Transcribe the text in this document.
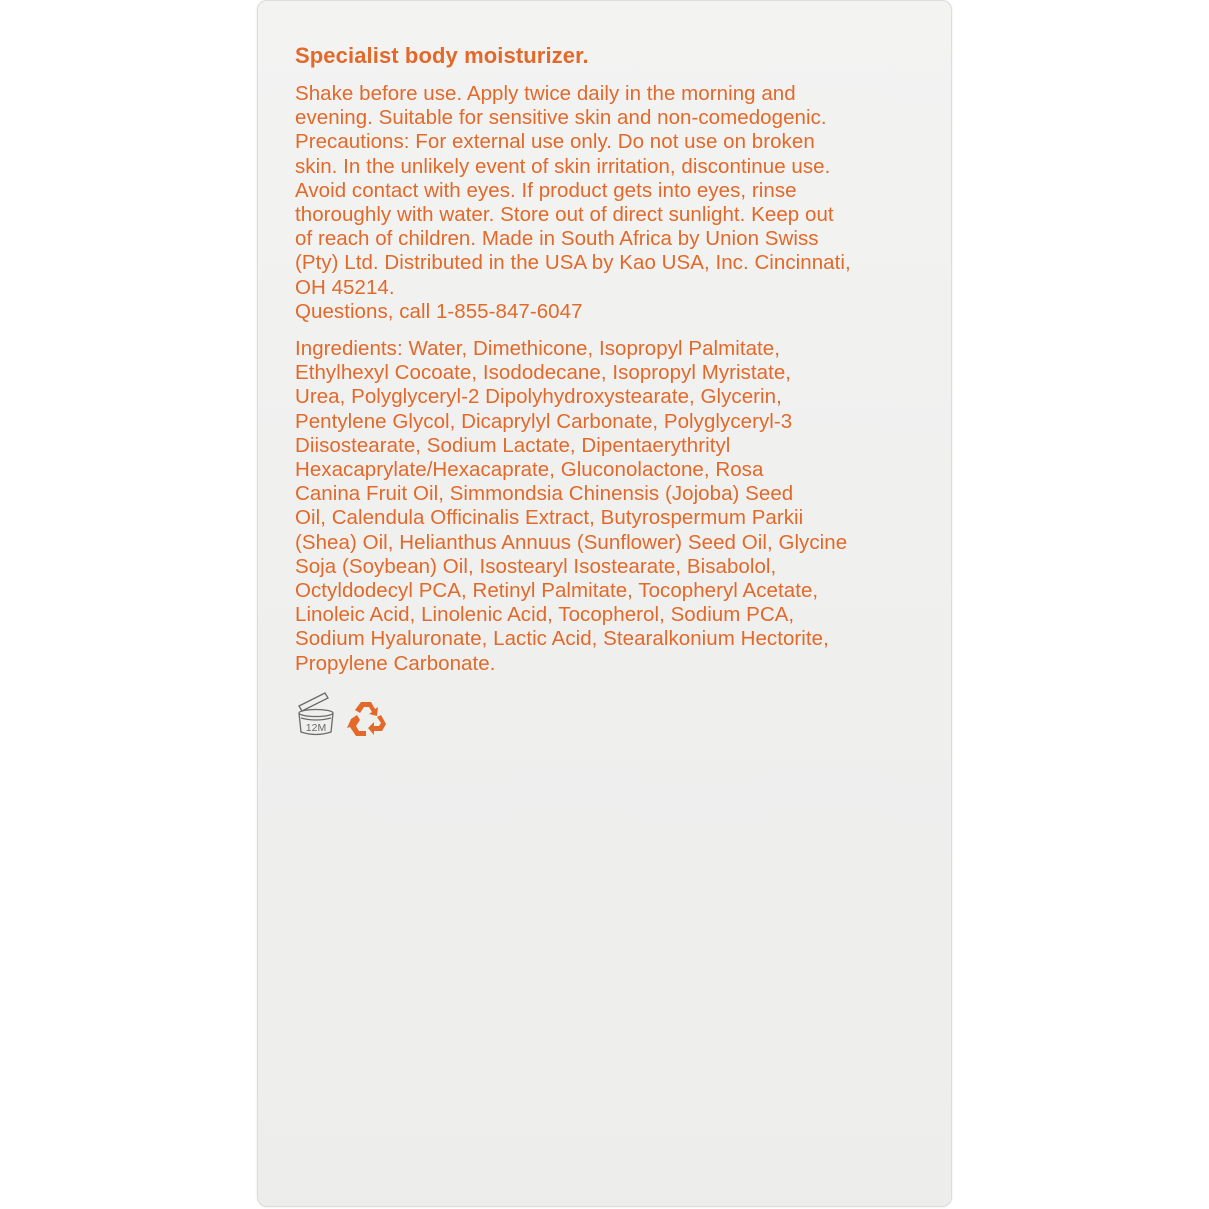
Specialist body moisturizer.
Shake before use. Apply twice daily in the morning and
evening. Suitable for sensitive skin and non-comedogenic.
Precautions: For external use only. Do not use on broken
skin. In the unlikely event of skin irritation, discontinue use.
Avoid contact with eyes. If product gets into eyes, rinse
thoroughly with water. Store out of direct sunlight. Keep out
of reach of children. Made in South Africa by Union Swiss
(Pty) Ltd. Distributed in the USA by Kao USA, Inc. Cincinnati,
OH 45214.
Questions, call 1-855-847-6047
Ingredients: Water, Dimethicone, Isopropyl Palmitate,
Ethylhexyl Cocoate, Isododecane, Isopropyl Myristate,
Urea, Polyglyceryl-2 Dipolyhydroxystearate, Glycerin,
Pentylene Glycol, Dicaprylyl Carbonate, Polyglyceryl-3
Diisostearate, Sodium Lactate, Dipentaerythrityl
Hexacaprylate/Hexacaprate, Gluconolactone, Rosa
Canina Fruit Oil, Simmondsia Chinensis (Jojoba) Seed
Oil, Calendula Officinalis Extract, Butyrospermum Parkii
(Shea) Oil, Helianthus Annuus (Sunflower) Seed Oil, Glycine
Soja (Soybean) Oil, Isostearyl Isostearate, Bisabolol,
Octyldodecyl PCA, Retinyl Palmitate, Tocopheryl Acetate,
Linoleic Acid, Linolenic Acid, Tocopherol, Sodium PCA,
Sodium Hyaluronate, Lactic Acid, Stearalkonium Hectorite,
Propylene Carbonate.
12M
